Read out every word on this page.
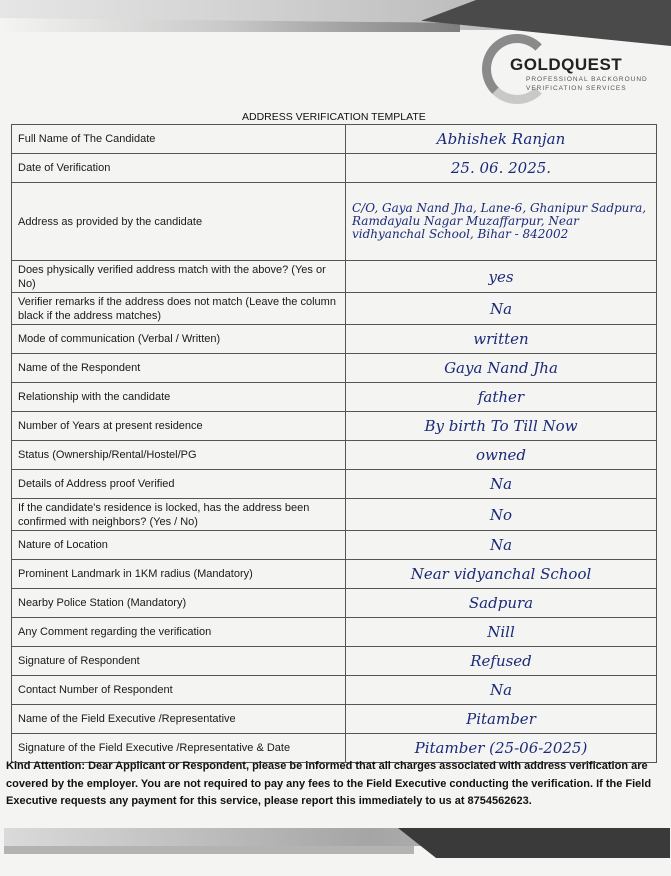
GOLDQUEST
PROFESSIONAL BACKGROUND
VERIFICATION SERVICES
ADDRESS VERIFICATION TEMPLATE
Full Name of The Candidate	Abhishek Ranjan
Date of Verification	25. 06. 2025.
Address as provided by the candidate	C/O, Gaya Nand Jha, Lane-6, Ghanipur Sadpura, Ramdayalu Nagar Muzaffarpur, Near vidhyanchal School, Bihar - 842002
Does physically verified address match with the above? (Yes or No)	yes
Verifier remarks if the address does not match (Leave the column black if the address matches)	Na
Mode of communication (Verbal / Written)	written
Name of the Respondent	Gaya Nand Jha
Relationship with the candidate	father
Number of Years at present residence	By birth To Till Now
Status (Ownership/Rental/Hostel/PG	owned
Details of Address proof Verified	Na
If the candidate's residence is locked, has the address been confirmed with neighbors? (Yes / No)	No
Nature of Location	Na
Prominent Landmark in 1KM radius (Mandatory)	Near vidyanchal School
Nearby Police Station (Mandatory)	Sadpura
Any Comment regarding the verification	Nill
Signature of Respondent	Refused
Contact Number of Respondent	Na
Name of the Field Executive /Representative	Pitamber
Signature of the Field Executive /Representative & Date	Pitamber (25-06-2025)
Kind Attention: Dear Applicant or Respondent, please be informed that all charges associated with address verification are covered by the employer. You are not required to pay any fees to the Field Executive conducting the verification. If the Field Executive requests any payment for this service, please report this immediately to us at 8754562623.
